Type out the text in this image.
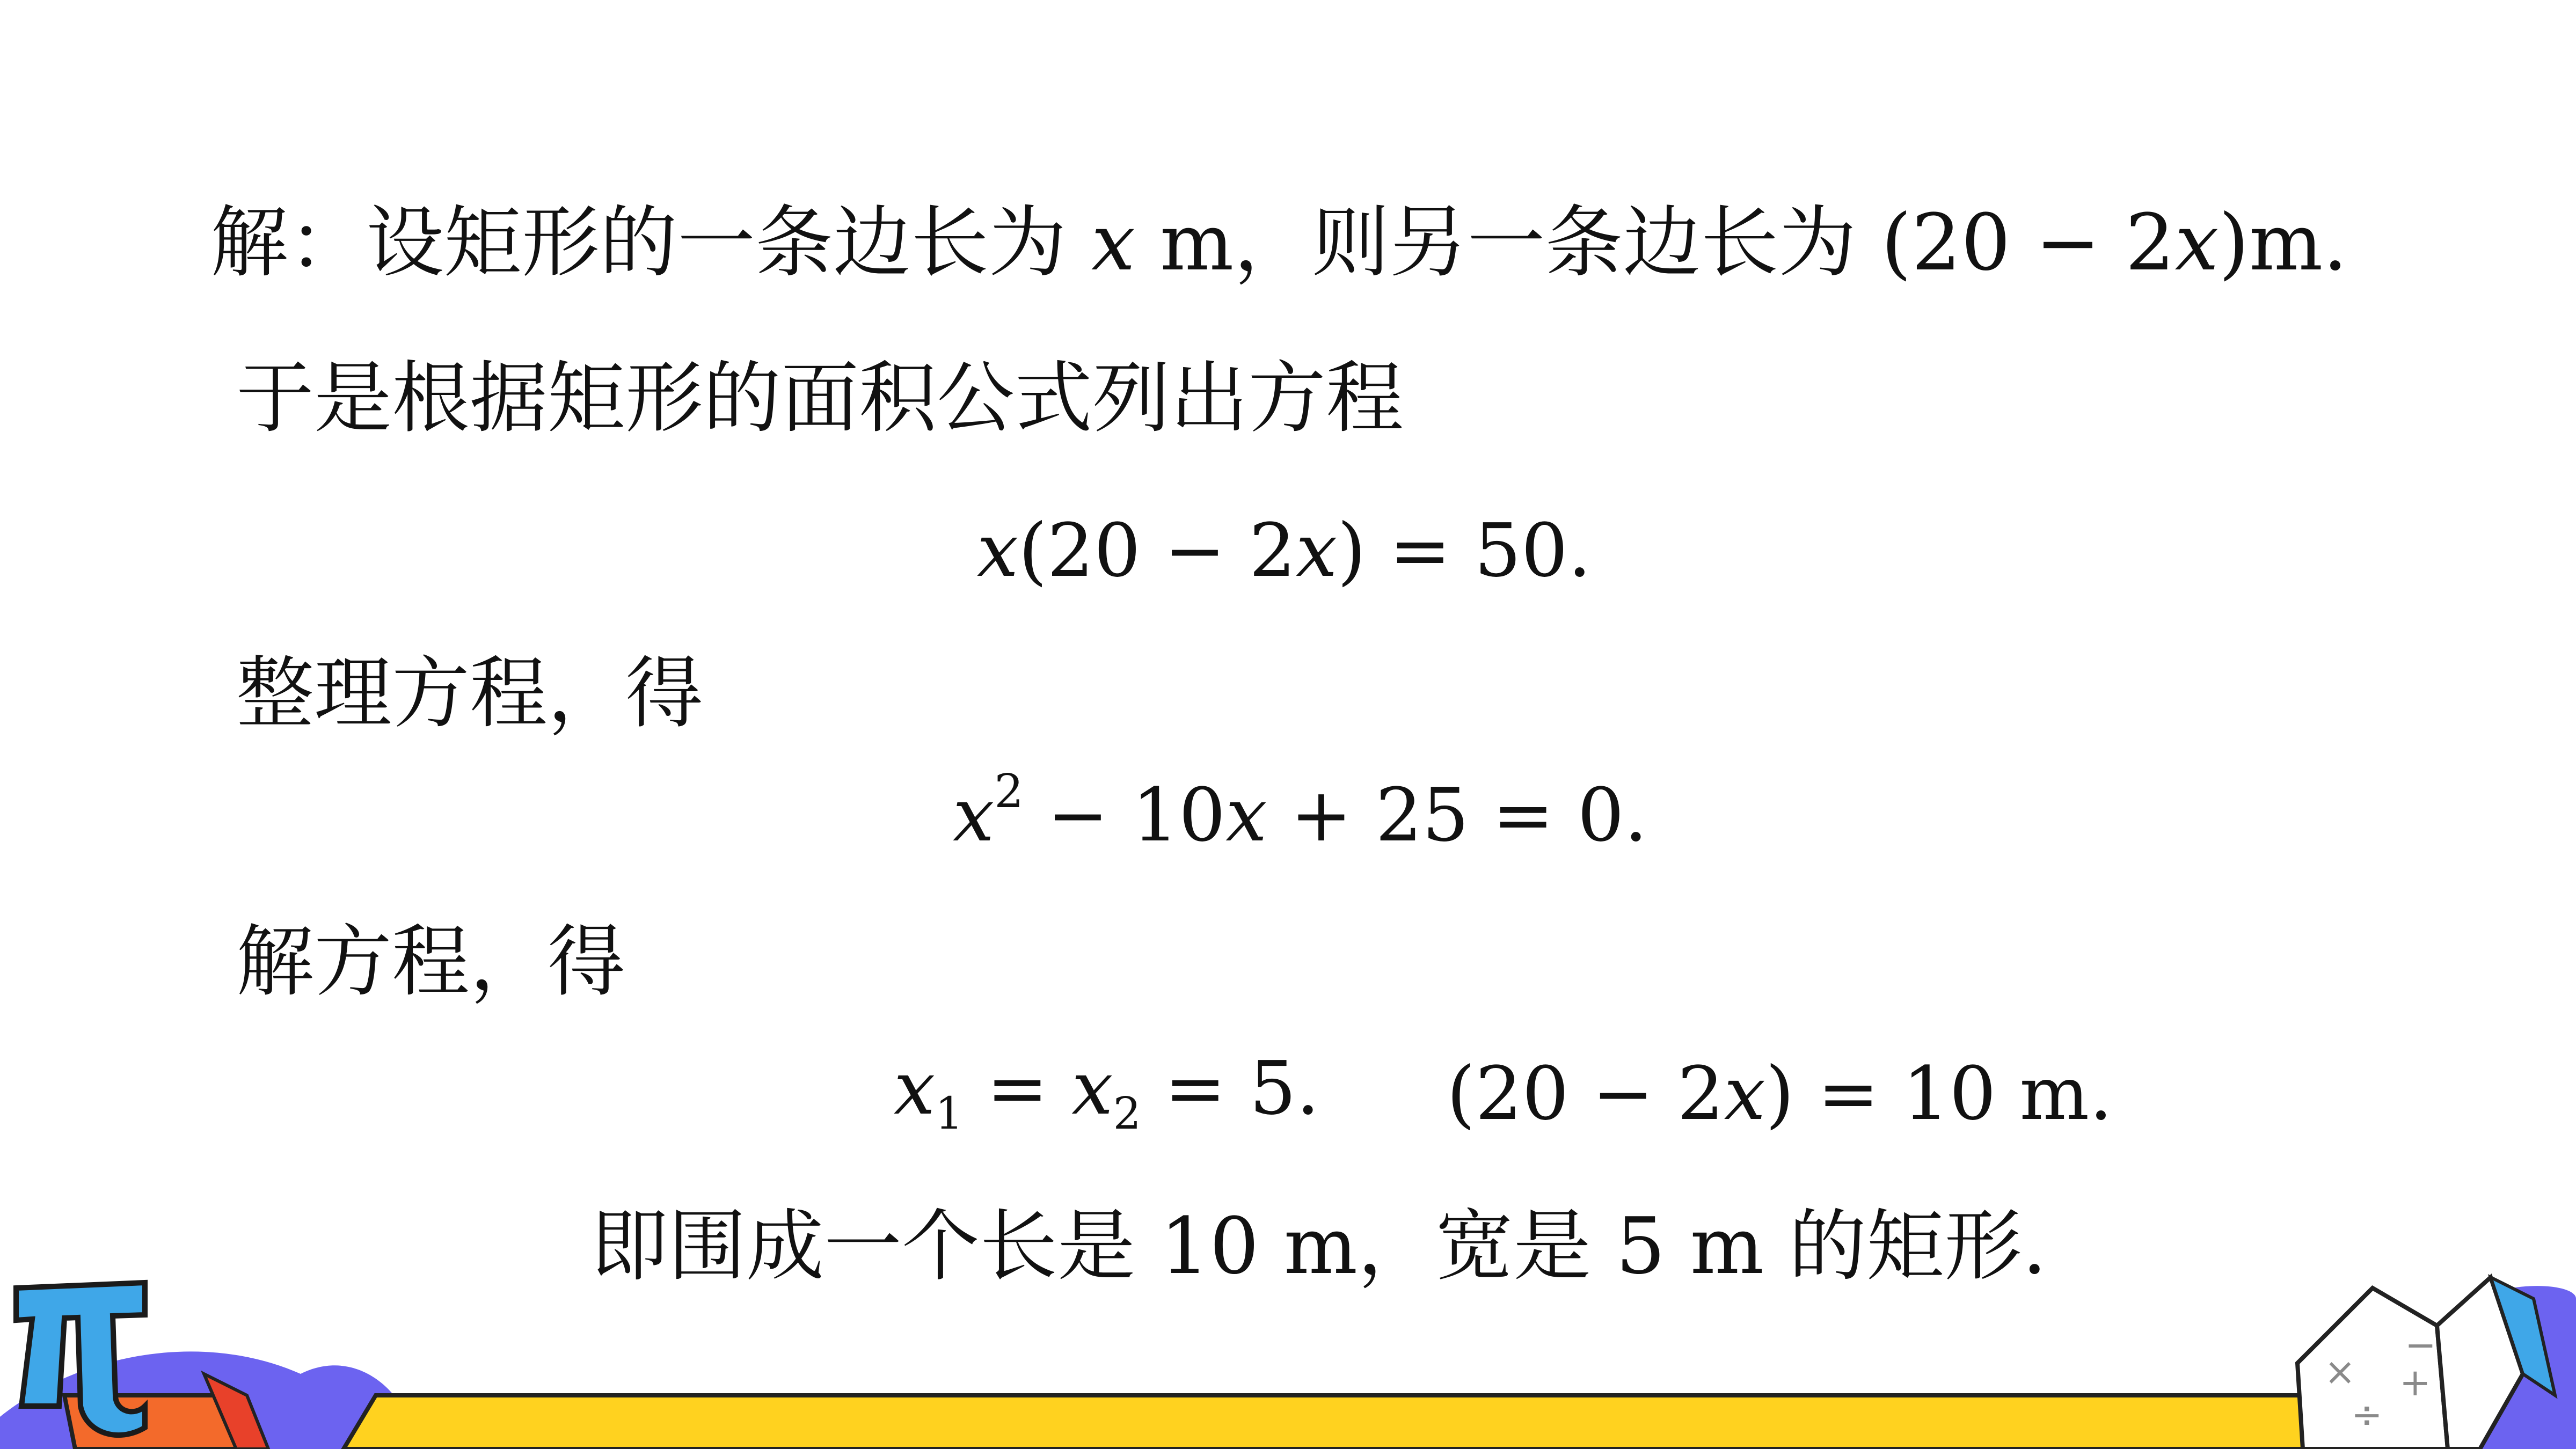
×
÷
−
+
解：设矩形的一条边长为 x m，则另一条边长为 (20 − 2x)m.
于是根据矩形的面积公式列出方程
x(20 − 2x) = 50.
整理方程，得
$x^2 - 10x + 25 = 0$.
解方程，得
$x_1 = x_2 = 5$. (20 − 2x) = 10 m.
即围成一个长是 10 m，宽是 5 m 的矩形.
